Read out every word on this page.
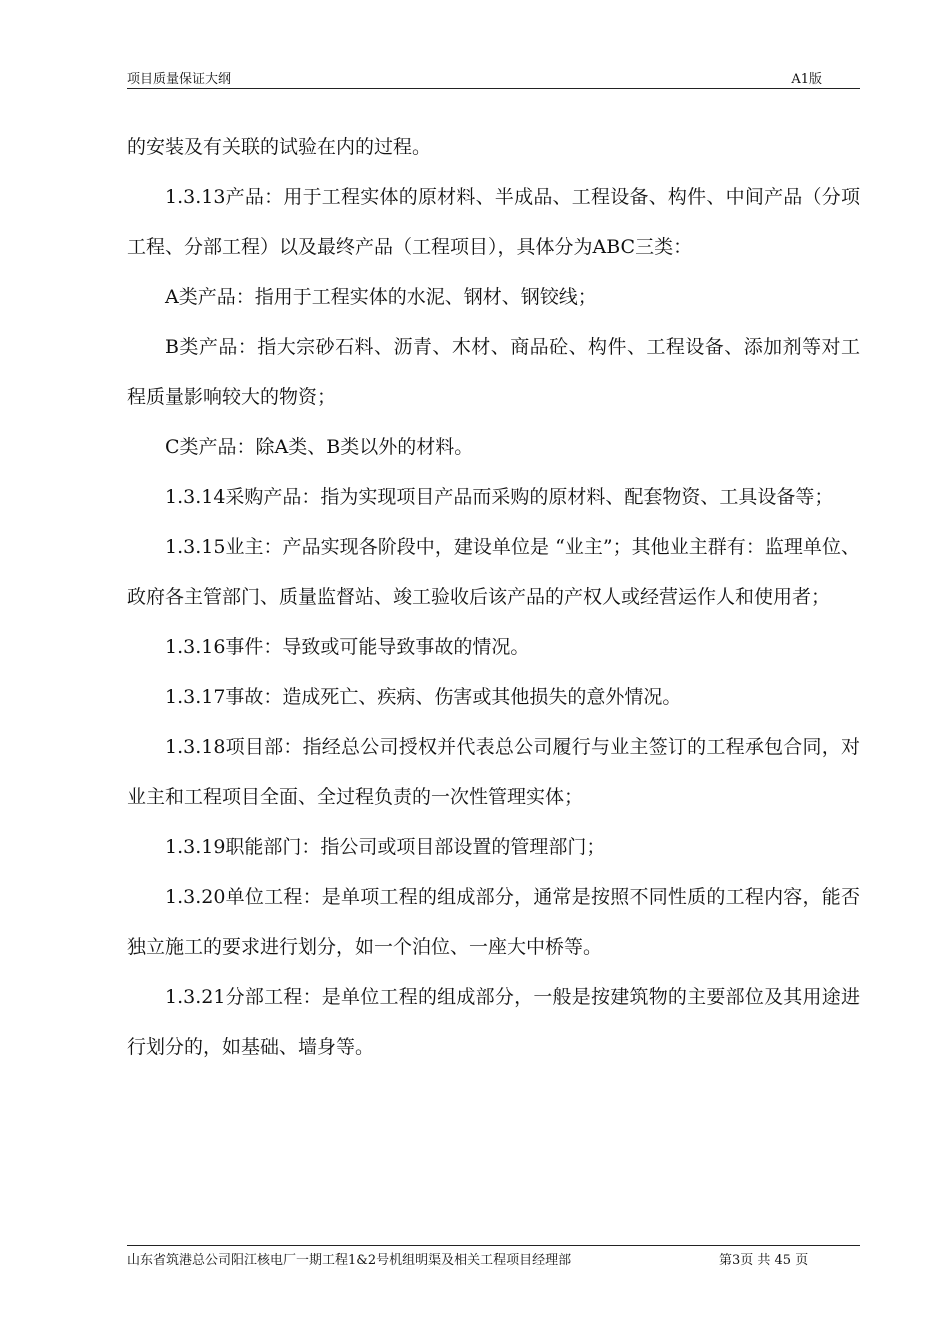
项目质量保证大纲	A1版

的安装及有关联的试验在内的过程。

1.3.13产品：用于工程实体的原材料、半成品、工程设备、构件、中间产品（分项工程、分部工程）以及最终产品（工程项目），具体分为ABC三类：

A类产品：指用于工程实体的水泥、钢材、钢铰线；

B类产品：指大宗砂石料、沥青、木材、商品砼、构件、工程设备、添加剂等对工程质量影响较大的物资；

C类产品：除A类、B类以外的材料。

1.3.14采购产品：指为实现项目产品而采购的原材料、配套物资、工具设备等；

1.3.15业主：产品实现各阶段中，建设单位是 “业主”；其他业主群有：监理单位、政府各主管部门、质量监督站、竣工验收后该产品的产权人或经营运作人和使用者；

1.3.16事件：导致或可能导致事故的情况。

1.3.17事故：造成死亡、疾病、伤害或其他损失的意外情况。

1.3.18项目部：指经总公司授权并代表总公司履行与业主签订的工程承包合同，对业主和工程项目全面、全过程负责的一次性管理实体；

1.3.19职能部门：指公司或项目部设置的管理部门；

1.3.20单位工程：是单项工程的组成部分，通常是按照不同性质的工程内容，能否独立施工的要求进行划分，如一个泊位、一座大中桥等。

1.3.21分部工程：是单位工程的组成部分，一般是按建筑物的主要部位及其用途进行划分的，如基础、墙身等。

山东省筑港总公司阳江核电厂一期工程1&2号机组明渠及相关工程项目经理部	第3页 共 45 页
